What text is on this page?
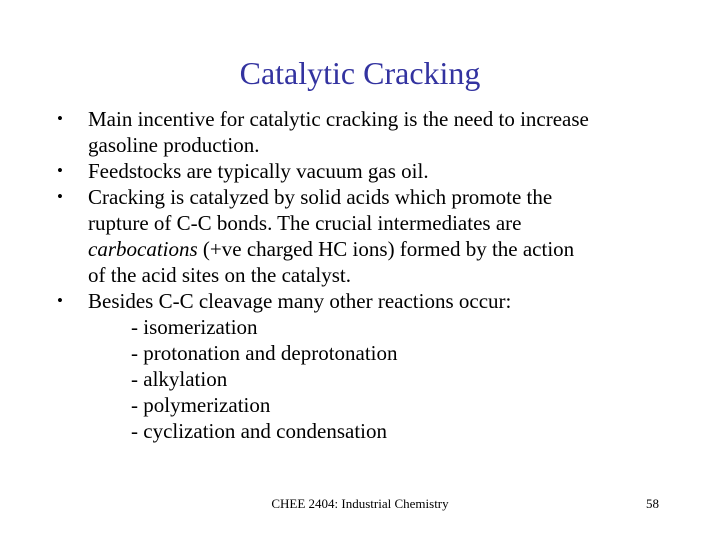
Catalytic Cracking
•	Main incentive for catalytic cracking is the need to increase
gasoline production.
•	Feedstocks are typically vacuum gas oil.
•	Cracking is catalyzed by solid acids which promote the
rupture of C-C bonds. The crucial intermediates are
carbocations (+ve charged HC ions) formed by the action
of the acid sites on the catalyst.
•	Besides C-C cleavage many other reactions occur:
- isomerization
- protonation and deprotonation
- alkylation
- polymerization
- cyclization and condensation
CHEE 2404: Industrial Chemistry	58
